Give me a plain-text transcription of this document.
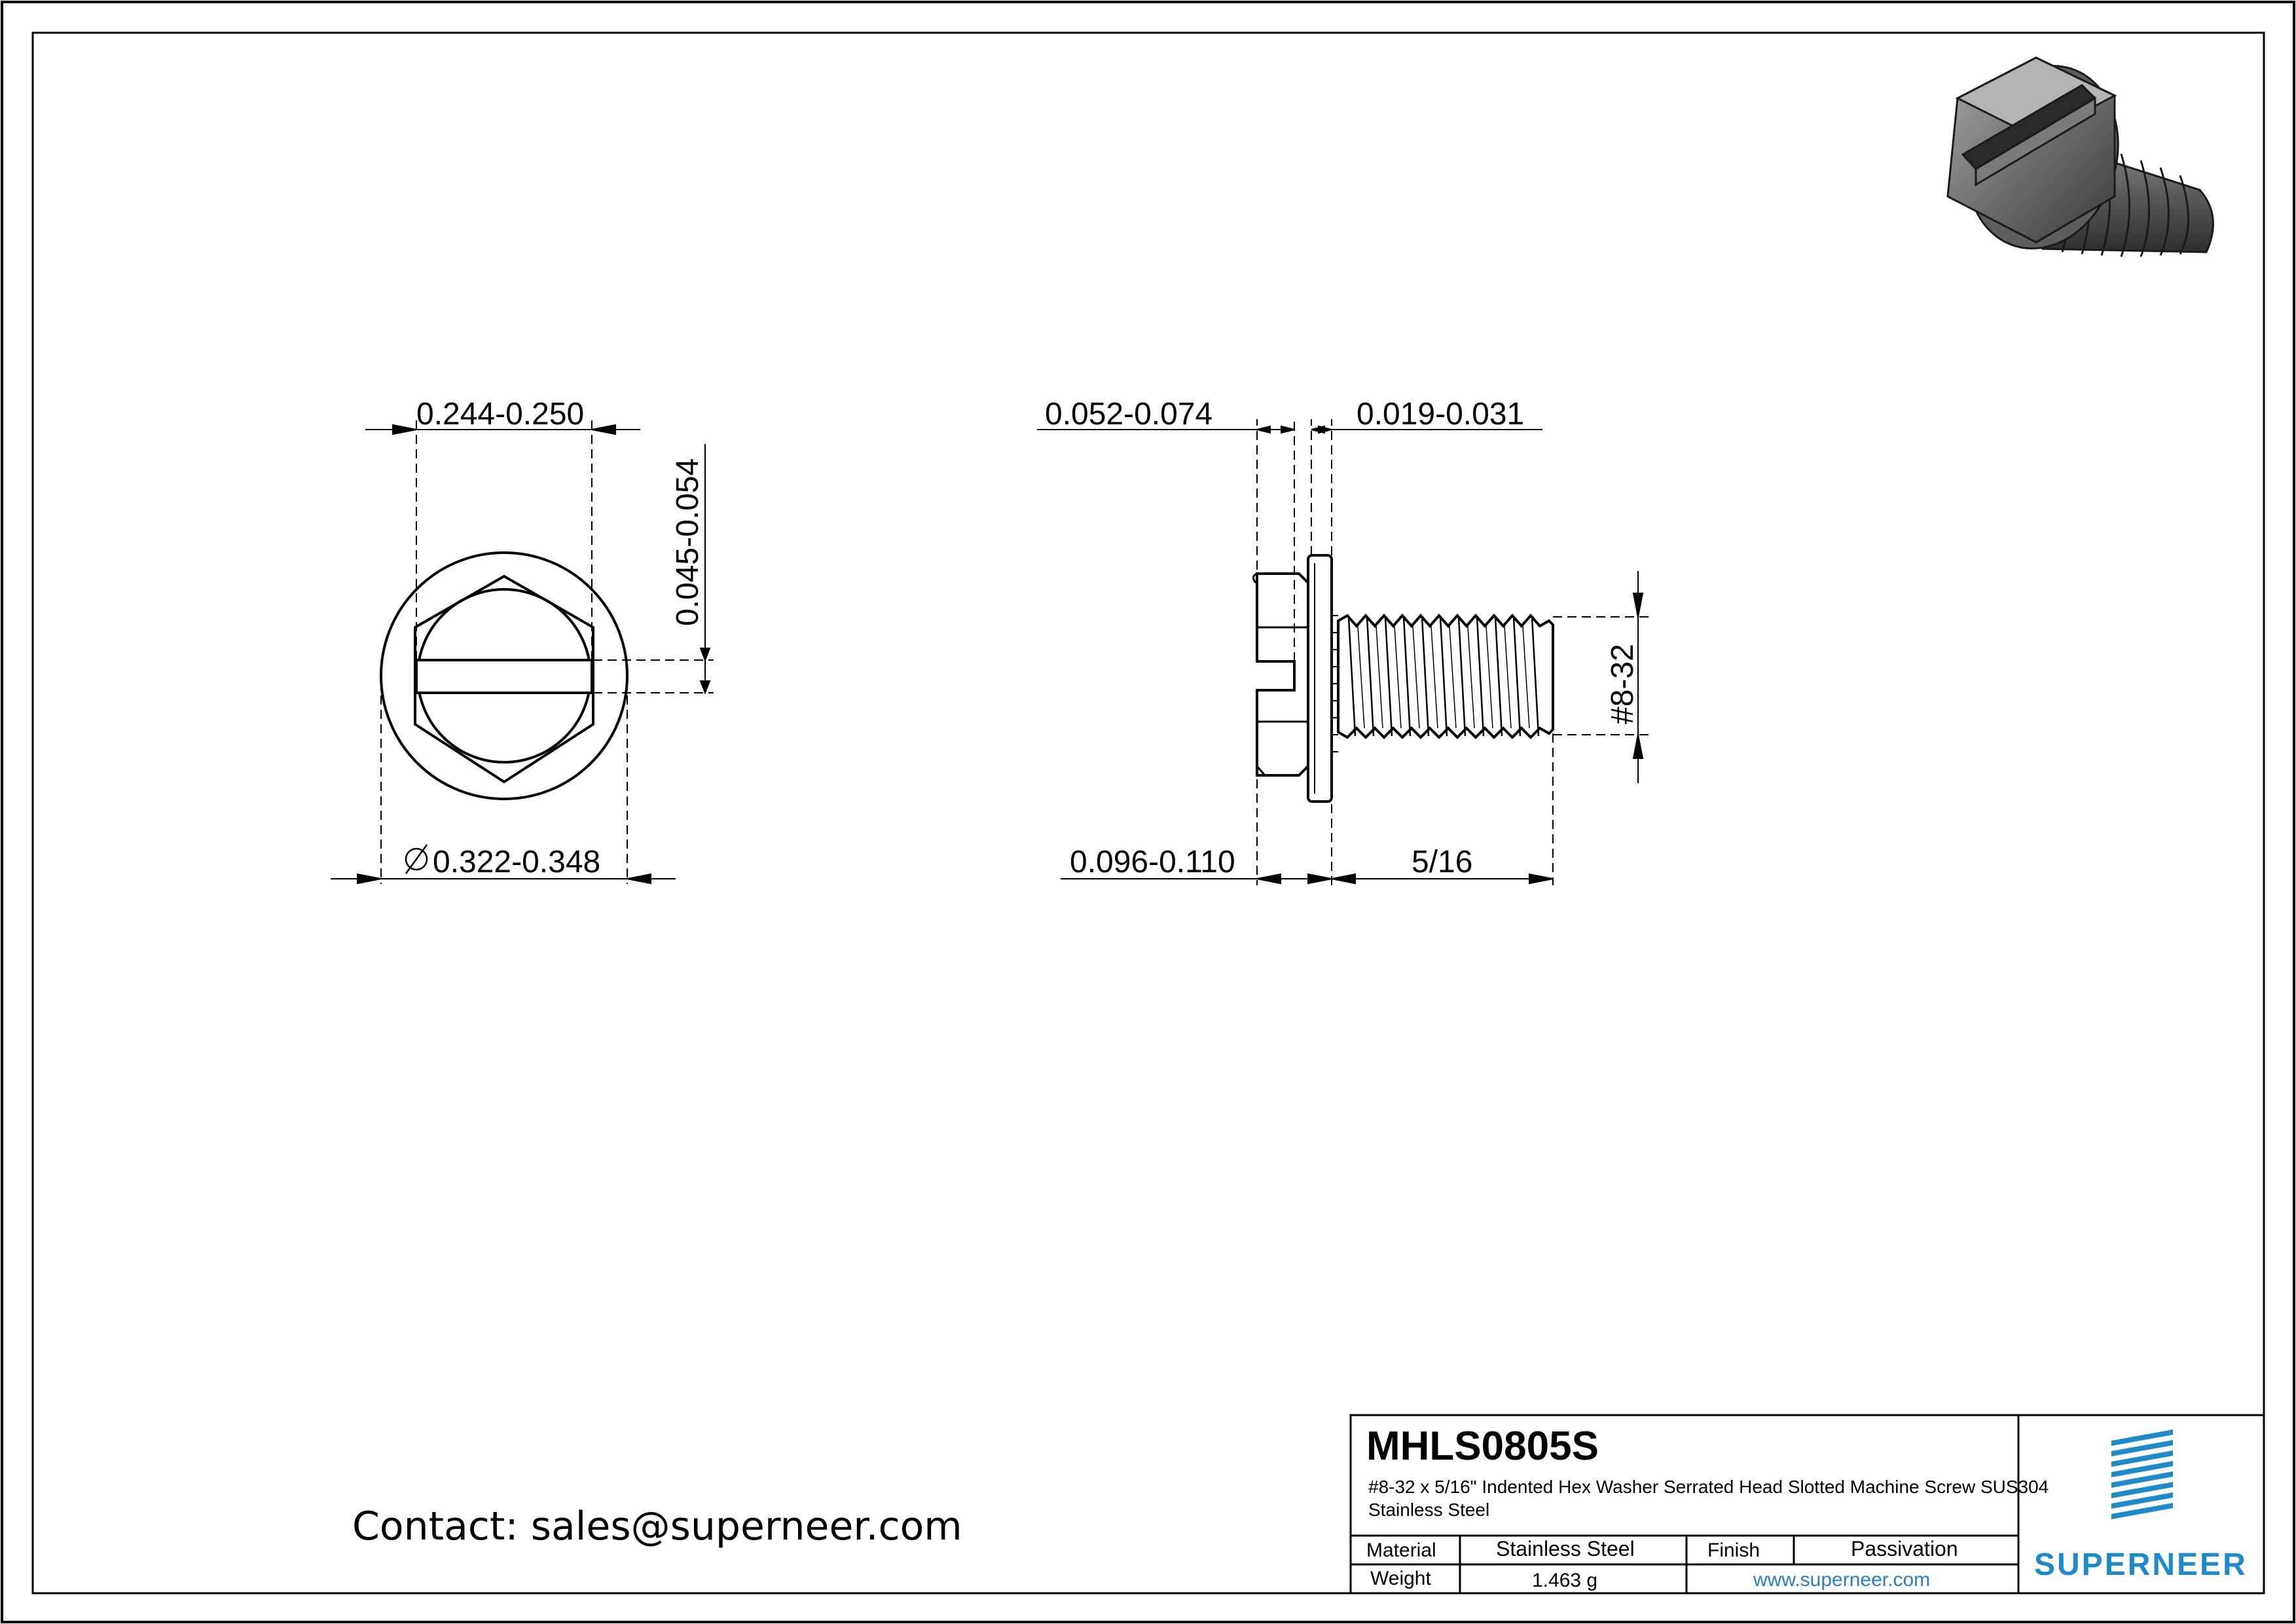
0.244-0.250
0.045-0.054
0.322-0.348
0.052-0.074	0.019-0.031
0.096-0.110	5/16
#8-32
Contact: sales@superneer.com
MHLS0805S
#8-32 x 5/16" Indented Hex Washer Serrated Head Slotted Machine Screw SUS304 Stainless Steel
Material	Stainless Steel	Finish	Passivation
Weight	1.463 g	www.superneer.com	SUPERNEER
